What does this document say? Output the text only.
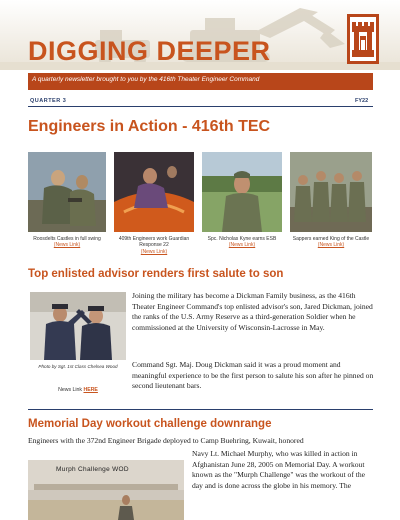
DIGGING DEEPER
A quarterly newsletter brought to you by the 416th Theater Engineer Command
QUARTER 3	FY22
Engineers in Action - 416th TEC
Roosdelts Castles in full swing
(News Link)
409th Engineers work Guardian Response 22
(News Link)
Spc. Nicholas Kyne earns ESB
(News Link)
Sappers earned King of the Castle
(News Link)
Top enlisted advisor renders first salute to son
Photo by Sgt. 1st Class Chelsea Wood
News Link HERE
Joining the military has become a Dickman Family business, as the 416th Theater Engineer Command's top enlisted advisor's son, Jared Dickman, joined the ranks of the U.S. Army Reserve as a third-generation Soldier when he commissioned at the University of Wisconsin-Lacrosse in May.
Command Sgt. Maj. Doug Dickman said it was a proud moment and meaningful experience to be the first person to salute his son after he pinned on second lieutenant bars.
Memorial Day workout challenge downrange
Engineers with the 372nd Engineer Brigade deployed to Camp Buehring, Kuwait, honored
Murph Challenge WOD
Navy Lt. Michael Murphy, who was killed in action in Afghanistan June 28, 2005 on Memorial Day. A workout known as the "Murph Challenge" was the workout of the day and is done across the globe in his memory. The
